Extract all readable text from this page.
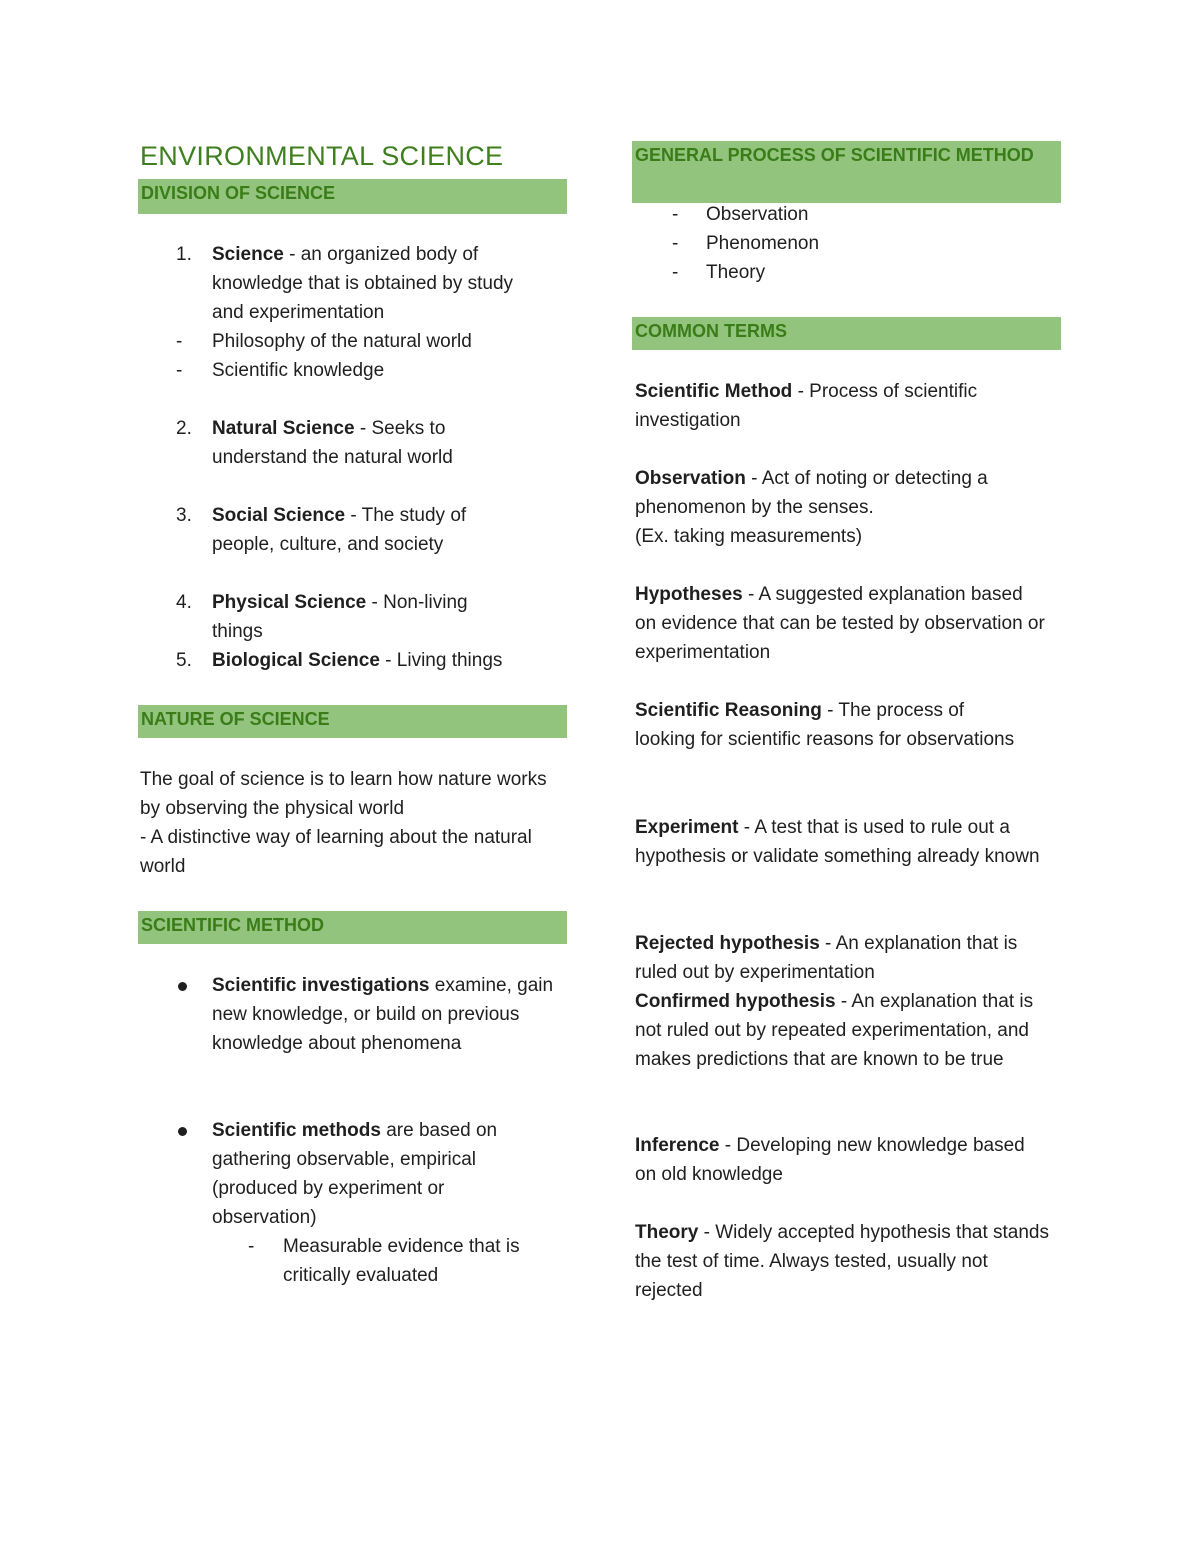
ENVIRONMENTAL SCIENCE
DIVISION OF SCIENCE
1. Science - an organized body of knowledge that is obtained by study and experimentation
- Philosophy of the natural world
- Scientific knowledge
2. Natural Science - Seeks to understand the natural world
3. Social Science - The study of people, culture, and society
4. Physical Science - Non-living things
5. Biological Science - Living things
NATURE OF SCIENCE
The goal of science is to learn how nature works by observing the physical world
- A distinctive way of learning about the natural world
SCIENTIFIC METHOD
Scientific investigations examine, gain new knowledge, or build on previous knowledge about phenomena
Scientific methods are based on gathering observable, empirical (produced by experiment or observation)
- Measurable evidence that is critically evaluated
GENERAL PROCESS OF SCIENTIFIC METHOD
- Observation
- Phenomenon
- Theory
COMMON TERMS
Scientific Method - Process of scientific investigation
Observation - Act of noting or detecting a phenomenon by the senses.
(Ex. taking measurements)
Hypotheses - A suggested explanation based on evidence that can be tested by observation or experimentation
Scientific Reasoning - The process of looking for scientific reasons for observations
Experiment - A test that is used to rule out a hypothesis or validate something already known
Rejected hypothesis - An explanation that is ruled out by experimentation
Confirmed hypothesis - An explanation that is not ruled out by repeated experimentation, and makes predictions that are known to be true
Inference - Developing new knowledge based on old knowledge
Theory - Widely accepted hypothesis that stands the test of time. Always tested, usually not rejected
